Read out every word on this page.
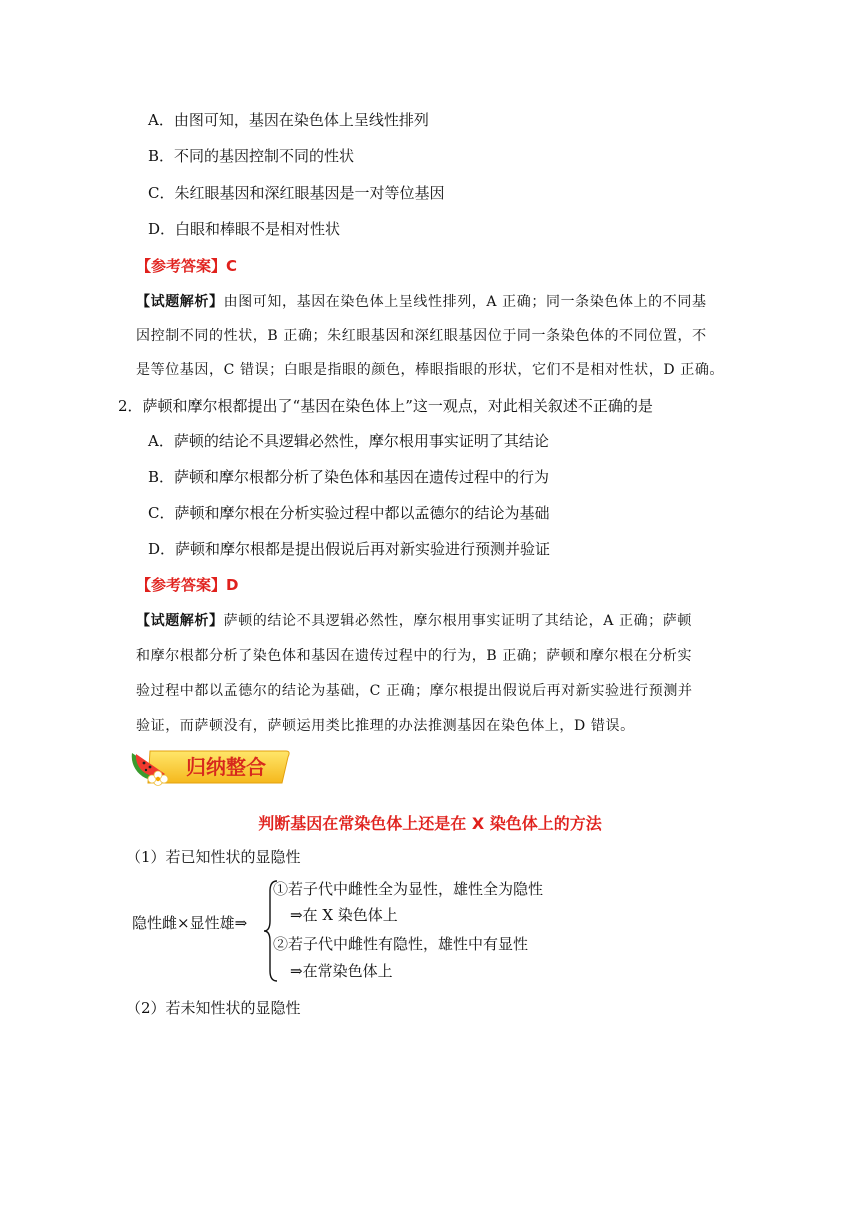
A．由图可知，基因在染色体上呈线性排列
B．不同的基因控制不同的性状
C．朱红眼基因和深红眼基因是一对等位基因
D．白眼和棒眼不是相对性状
【参考答案】C
【试题解析】由图可知，基因在染色体上呈线性排列，A 正确；同一条染色体上的不同基
因控制不同的性状，B 正确；朱红眼基因和深红眼基因位于同一条染色体的不同位置，不
是等位基因，C 错误；白眼是指眼的颜色，棒眼指眼的形状，它们不是相对性状，D 正确。
2．萨顿和摩尔根都提出了“基因在染色体上”这一观点，对此相关叙述不正确的是
A．萨顿的结论不具逻辑必然性，摩尔根用事实证明了其结论
B．萨顿和摩尔根都分析了染色体和基因在遗传过程中的行为
C．萨顿和摩尔根在分析实验过程中都以孟德尔的结论为基础
D．萨顿和摩尔根都是提出假说后再对新实验进行预测并验证
【参考答案】D
【试题解析】萨顿的结论不具逻辑必然性，摩尔根用事实证明了其结论，A 正确；萨顿
和摩尔根都分析了染色体和基因在遗传过程中的行为，B 正确；萨顿和摩尔根在分析实
验过程中都以孟德尔的结论为基础，C 正确；摩尔根提出假说后再对新实验进行预测并
验证，而萨顿没有，萨顿运用类比推理的办法推测基因在染色体上，D 错误。
归纳整合
判断基因在常染色体上还是在 X 染色体上的方法
（1）若已知性状的显隐性
隐性雌×显性雄⇒
①若子代中雌性全为显性，雄性全为隐性
⇒在 X 染色体上
②若子代中雌性有隐性，雄性中有显性
⇒在常染色体上
（2）若未知性状的显隐性
